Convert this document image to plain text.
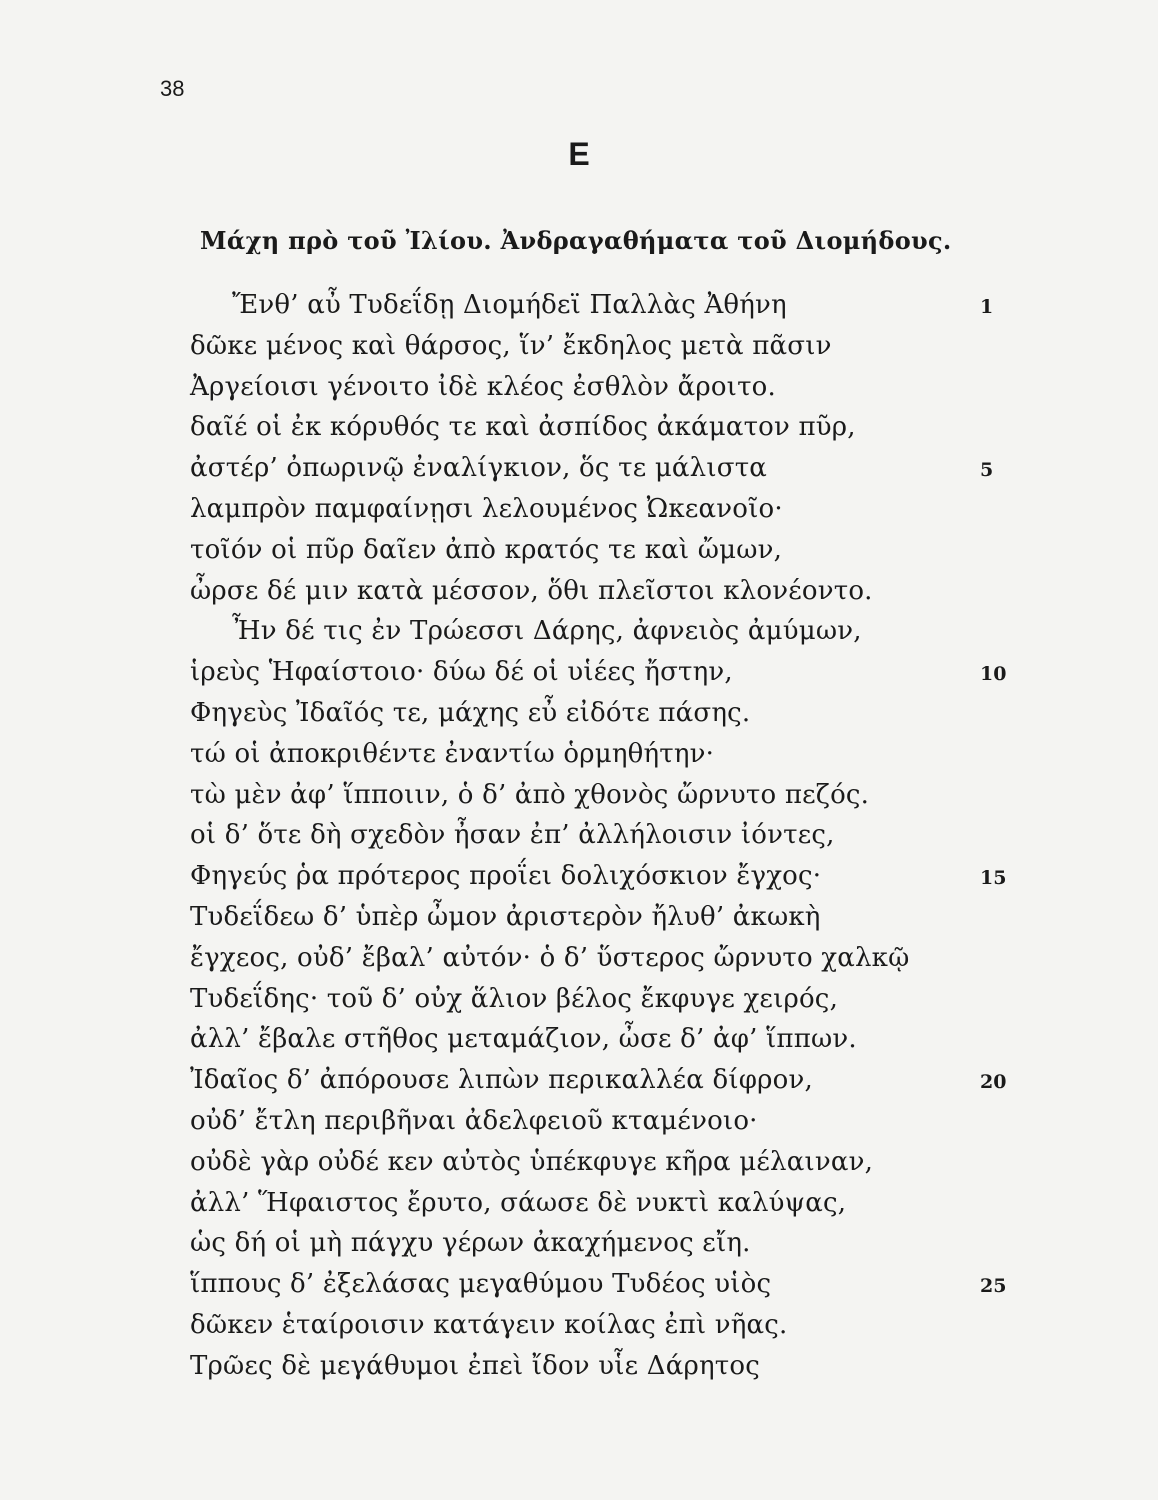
38
Ε
Μάχη πρὸ τοῦ Ἰλίου. Ἀνδραγαθήματα τοῦ Διομήδους.
Ἔνθ’ αὖ Τυδεΐδῃ Διομήδεϊ Παλλὰς Ἀθήνη	1
δῶκε μένος καὶ θάρσος, ἵν’ ἔκδηλος μετὰ πᾶσιν
Ἀργείοισι γένοιτο ἰδὲ κλέος ἐσθλὸν ἄροιτο.
δαῖέ οἱ ἐκ κόρυθός τε καὶ ἀσπίδος ἀκάματον πῦρ,
ἀστέρ’ ὀπωρινῷ ἐναλίγκιον, ὅς τε μάλιστα	5
λαμπρὸν παμφαίνῃσι λελουμένος Ὠκεανοῖο·
τοῖόν οἱ πῦρ δαῖεν ἀπὸ κρατός τε καὶ ὤμων,
ὦρσε δέ μιν κατὰ μέσσον, ὅθι πλεῖστοι κλονέοντο.
Ἦν δέ τις ἐν Τρώεσσι Δάρης, ἀφνειὸς ἀμύμων,
ἱρεὺς Ἡφαίστοιο· δύω δέ οἱ υἱέες ἤστην,	10
Φηγεὺς Ἰδαῖός τε, μάχης εὖ εἰδότε πάσης.
τώ οἱ ἀποκριθέντε ἐναντίω ὁρμηθήτην·
τὼ μὲν ἀφ’ ἵπποιιν, ὁ δ’ ἀπὸ χθονὸς ὤρνυτο πεζός.
οἱ δ’ ὅτε δὴ σχεδὸν ἦσαν ἐπ’ ἀλλήλοισιν ἰόντες,
Φηγεύς ῥα πρότερος προΐει δολιχόσκιον ἔγχος·	15
Τυδεΐδεω δ’ ὑπὲρ ὦμον ἀριστερὸν ἤλυθ’ ἀκωκὴ
ἔγχεος, οὐδ’ ἔβαλ’ αὐτόν· ὁ δ’ ὕστερος ὤρνυτο χαλκῷ
Τυδεΐδης· τοῦ δ’ οὐχ ἅλιον βέλος ἔκφυγε χειρός,
ἀλλ’ ἔβαλε στῆθος μεταμάζιον, ὦσε δ’ ἀφ’ ἵππων.
Ἰδαῖος δ’ ἀπόρουσε λιπὼν περικαλλέα δίφρον,	20
οὐδ’ ἔτλη περιβῆναι ἀδελφειοῦ κταμένοιο·
οὐδὲ γὰρ οὐδέ κεν αὐτὸς ὑπέκφυγε κῆρα μέλαιναν,
ἀλλ’ Ἥφαιστος ἔρυτο, σάωσε δὲ νυκτὶ καλύψας,
ὡς δή οἱ μὴ πάγχυ γέρων ἀκαχήμενος εἴη.
ἵππους δ’ ἐξελάσας μεγαθύμου Τυδέος υἱὸς	25
δῶκεν ἑταίροισιν κατάγειν κοίλας ἐπὶ νῆας.
Τρῶες δὲ μεγάθυμοι ἐπεὶ ἴδον υἷε Δάρητος
